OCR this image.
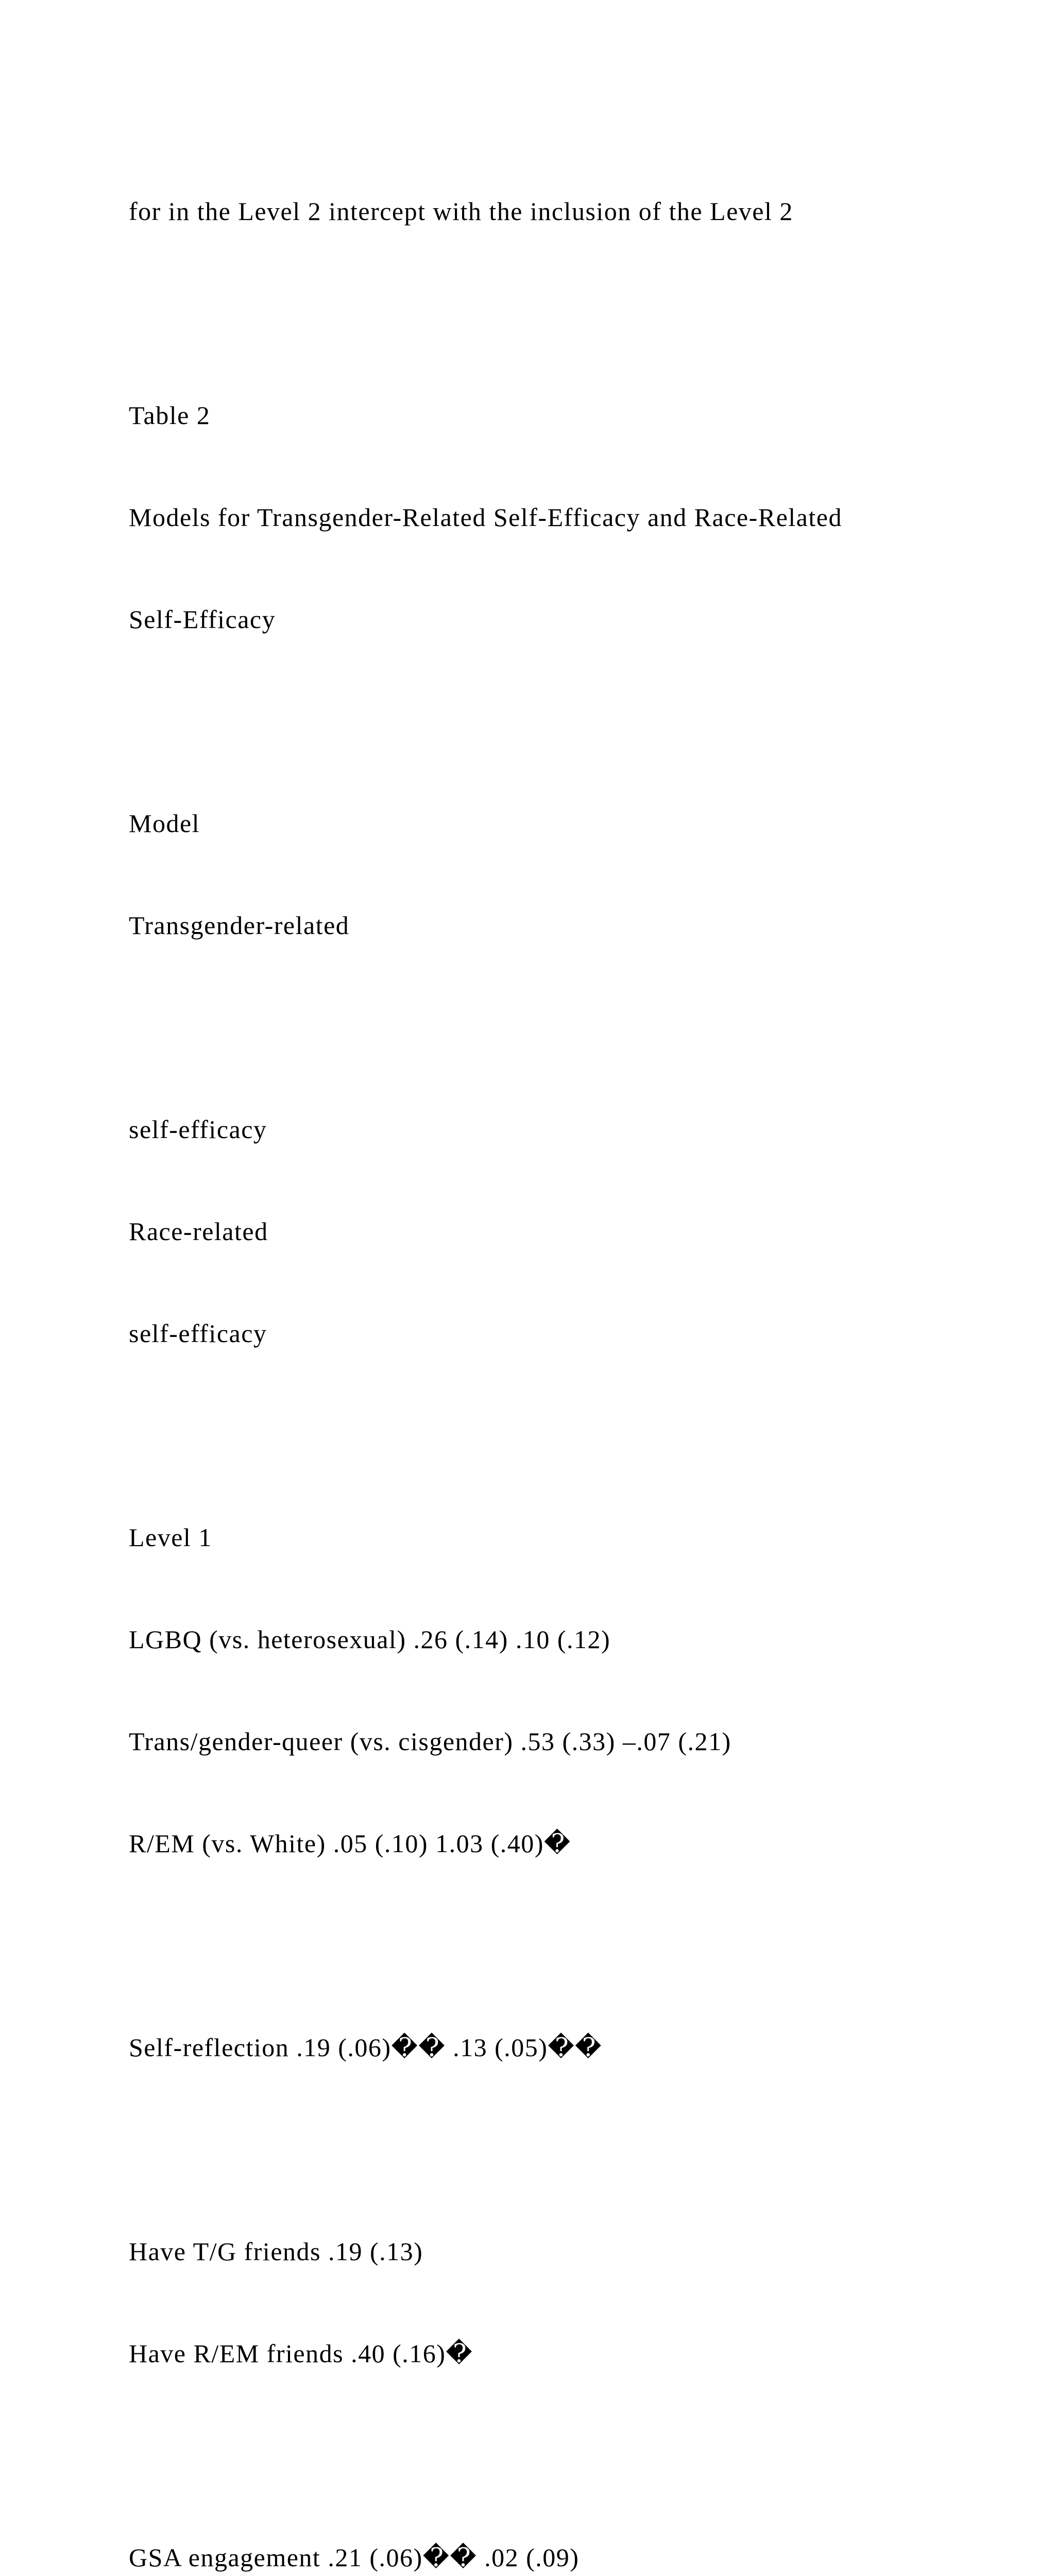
for in the Level 2 intercept with the inclusion of the Level 2

Table 2

Models for Transgender-Related Self-Efficacy and Race-Related

Self-Efficacy

Model

Transgender-related

self-efficacy

Race-related

self-efficacy

Level 1

LGBQ (vs. heterosexual) .26 (.14) .10 (.12)

Trans/gender-queer (vs. cisgender) .53 (.33) –.07 (.21)

R/EM (vs. White) .05 (.10) 1.03 (.40)�

Self-reflection .19 (.06)�� .13 (.05)��

Have T/G friends .19 (.13)

Have R/EM friends .40 (.16)�

GSA engagement .21 (.06)�� .02 (.09)
